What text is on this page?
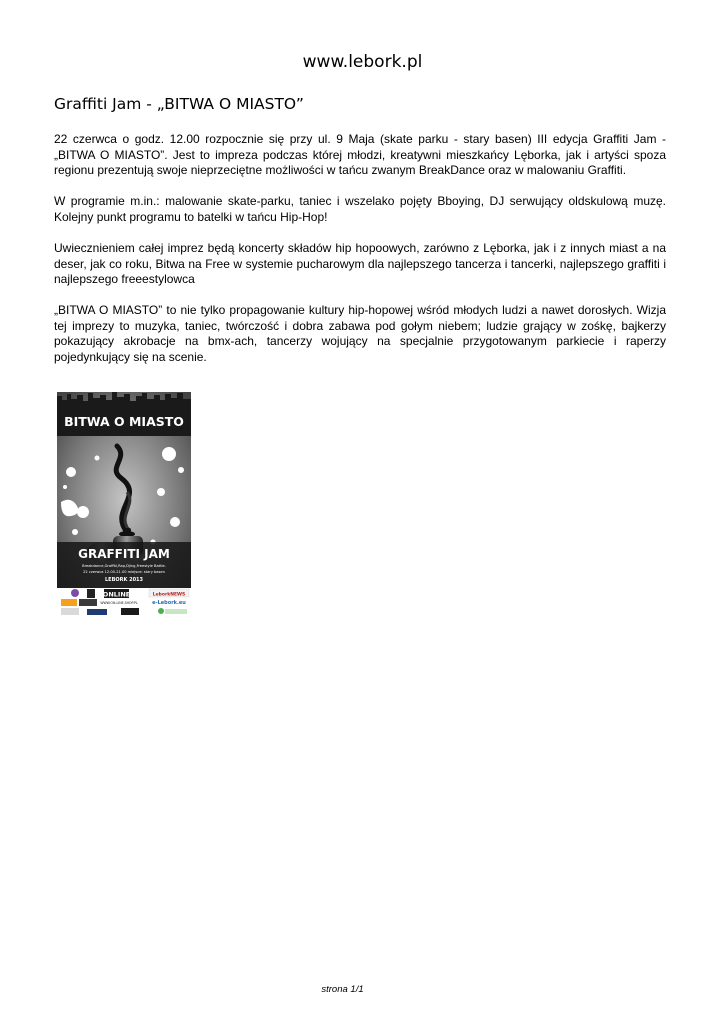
www.lebork.pl
Graffiti Jam - „BITWA O MIASTO”

22 czerwca o godz. 12.00 rozpocznie się przy ul. 9 Maja (skate parku - stary basen) III edycja Graffiti Jam - „BITWA O MIASTO”. Jest to impreza podczas której młodzi, kreatywni mieszkańcy Lęborka, jak i artyści spoza regionu prezentują swoje nieprzeciętne możliwości w tańcu zwanym BreakDance oraz w malowaniu Graffiti.

W programie m.in.: malowanie skate-parku, taniec i wszelako pojęty Bboying, DJ serwujący oldskulową muzę. Kolejny punkt programu to batelki w tańcu Hip-Hop!

Uwiecznieniem całej imprez będą koncerty składów hip hopoowych, zarówno z Lęborka, jak i z innych miast a na deser, jak co roku, Bitwa na Free w systemie pucharowym dla najlepszego tancerza i tancerki, najlepszego graffiti i najlepszego freeestylowca

„BITWA O MIASTO” to nie tylko propagowanie kultury hip-hopowej wśród młodych ludzi a nawet dorosłych. Wizja tej imprezy to muzyka, taniec, twórczość i dobra zabawa pod gołym niebem; ludzie grający w zośkę, bajkerzy pokazujący akrobacje na bmx-ach, tancerzy wojujący na specjalnie przygotowanym parkiecie i raperzy pojedynkujący się na scenie.

BITWA O MIASTO
GRAFFITI JAM
Breakdance,Graffiti,Rap,Djing,Freestyle Battle.
22 czerwca 12.00-21.00 miejsce: stary basen
LEBORK 2013
ONLINE	LeborkNEWS
WWW.ON-LINE.SHOP.PL	e-Lebork.eu
strona 1/1
